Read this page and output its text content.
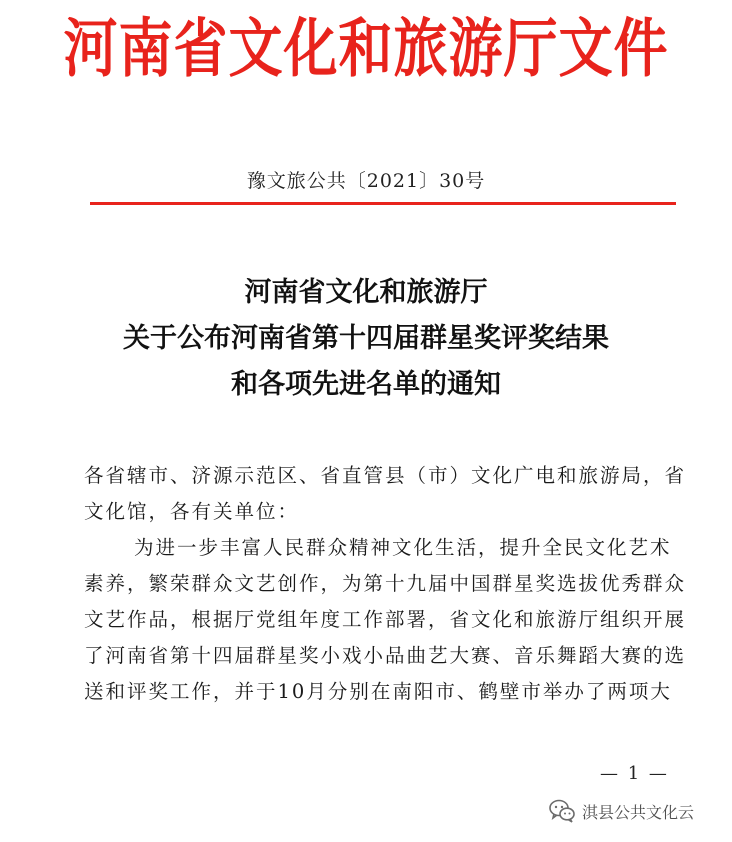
河南省文化和旅游厅文件
豫文旅公共〔2021〕30号
河南省文化和旅游厅
关于公布河南省第十四届群星奖评奖结果
和各项先进名单的通知
各省辖市、济源示范区、省直管县（市）文化广电和旅游局，省
文化馆，各有关单位：
为进一步丰富人民群众精神文化生活，提升全民文化艺术
素养，繁荣群众文艺创作，为第十九届中国群星奖选拔优秀群众
文艺作品，根据厅党组年度工作部署，省文化和旅游厅组织开展
了河南省第十四届群星奖小戏小品曲艺大赛、音乐舞蹈大赛的选
送和评奖工作，并于10月分别在南阳市、鹤壁市举办了两项大
— 1 —
淇县公共文化云
